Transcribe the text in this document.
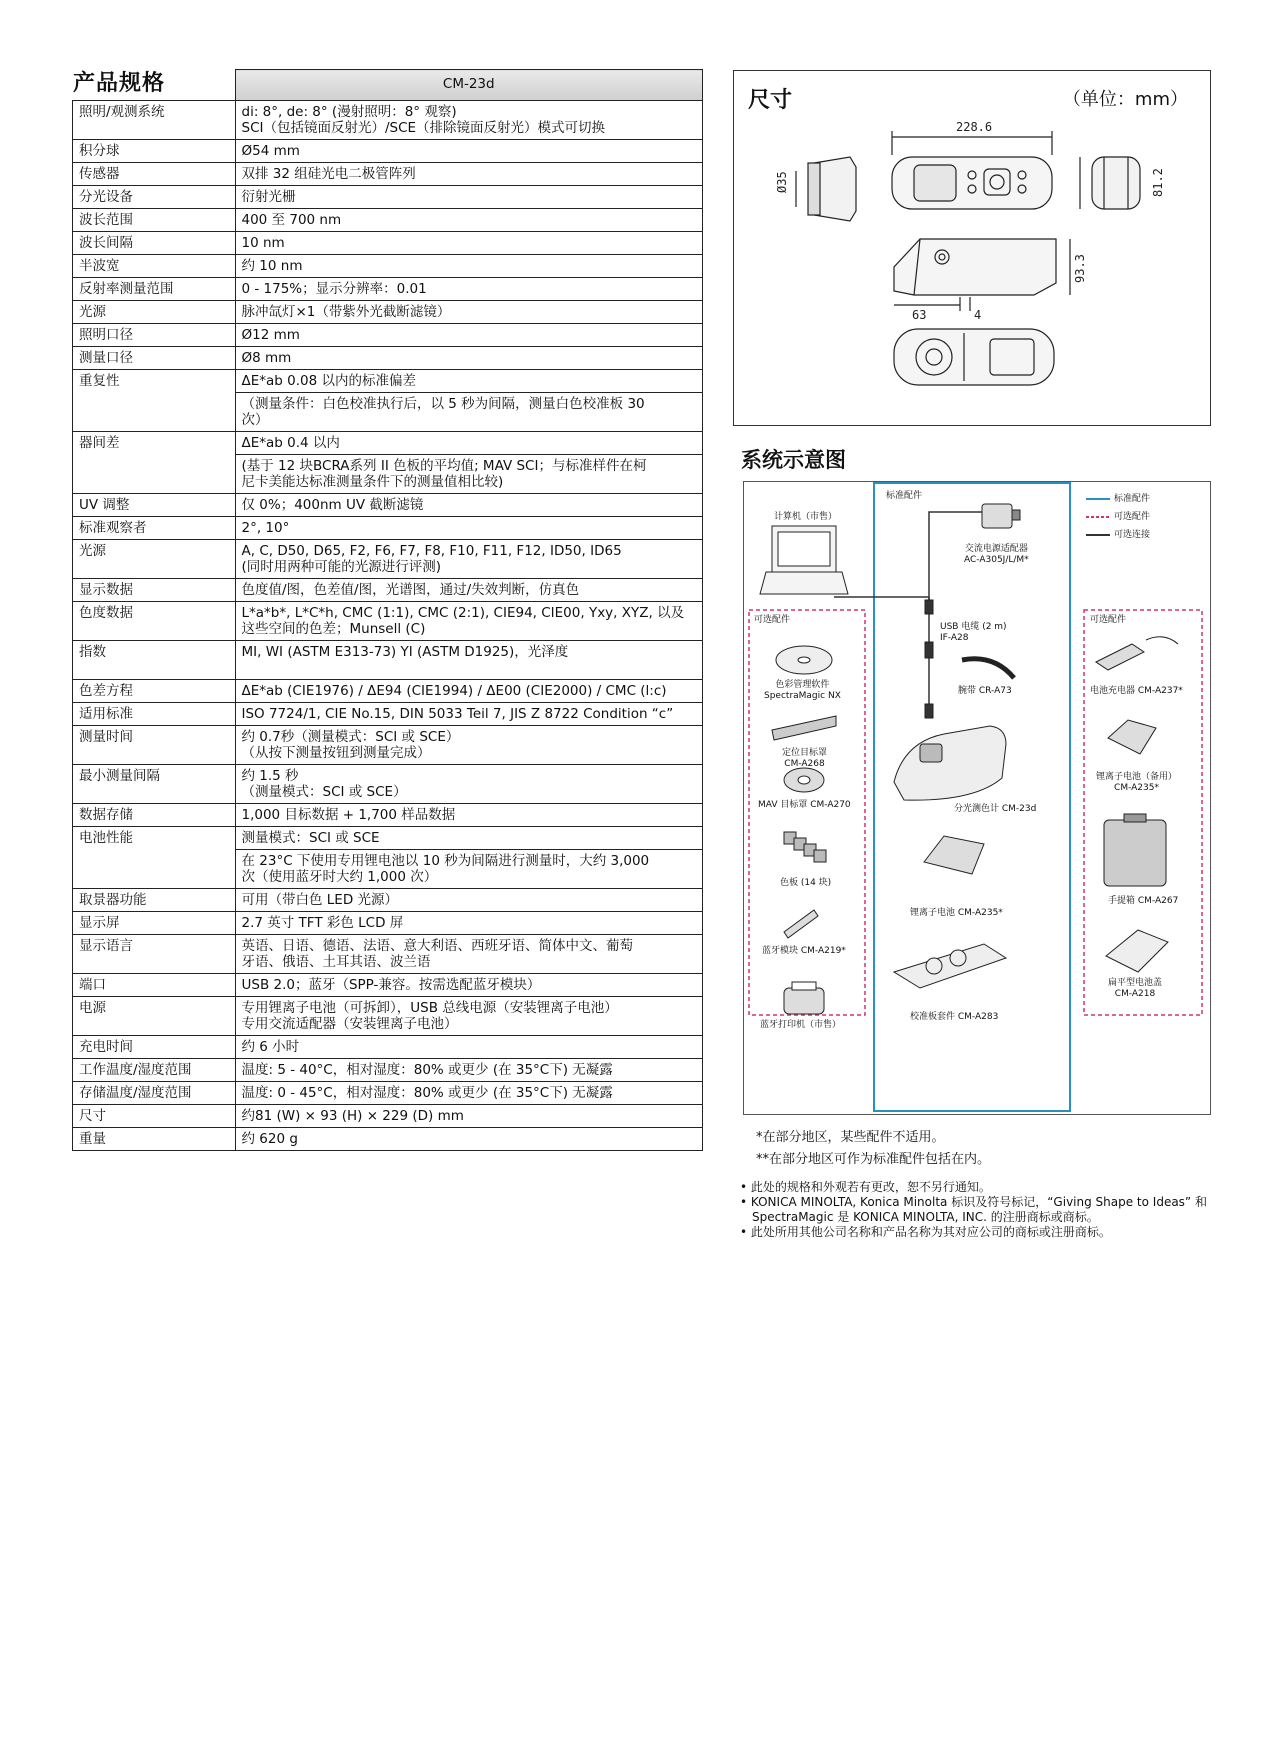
产品规格
		CM-23d
照明/观测系统	di: 8°, de: 8° (漫射照明：8° 观察)
SCI（包括镜面反射光）/SCE（排除镜面反射光）模式可切换

积分球	Ø54 mm

传感器	双排 32 组硅光电二极管阵列

分光设备	衍射光栅

波长范围	400 至 700 nm

波长间隔	10 nm

半波宽	约 10 nm

反射率测量范围	0 - 175%；显示分辨率：0.01

光源	脉冲氙灯×1（带紫外光截断滤镜）

照明口径	Ø12 mm

测量口径	Ø8 mm

重复性	ΔE*ab 0.08 以内的标准偏差

	（测量条件：白色校准执行后，以 5 秒为间隔，测量白色校准板 30
次）

器间差	ΔE*ab 0.4 以内

	(基于 12 块BCRA系列 II 色板的平均值; MAV SCI；与标准样件在柯
尼卡美能达标准测量条件下的测量值相比较)

UV 调整	仅 0%；400nm UV 截断滤镜

标准观察者	2°, 10°

光源	A, C, D50, D65, F2, F6, F7, F8, F10, F11, F12, ID50, ID65
(同时用两种可能的光源进行评测)

显示数据	色度值/图，色差值/图，光谱图，通过/失效判断，仿真色

色度数据	L*a*b*, L*C*h, CMC (1:1), CMC (2:1), CIE94, CIE00, Yxy, XYZ, 以及
这些空间的色差；Munsell (C)

指数	MI, WI (ASTM E313-73) YI (ASTM D1925)，光泽度

色差方程	ΔE*ab (CIE1976) / ΔE94 (CIE1994) / ΔE00 (CIE2000) / CMC (l:c)

适用标准	ISO 7724/1, CIE No.15, DIN 5033 Teil 7, JIS Z 8722 Condition “c”

测量时间	约 0.7秒（测量模式：SCI 或 SCE）
（从按下测量按钮到测量完成）

最小测量间隔	约 1.5 秒
（测量模式：SCI 或 SCE）

数据存储	1,000 目标数据 + 1,700 样品数据

电池性能	测量模式：SCI 或 SCE

	在 23°C 下使用专用锂电池以 10 秒为间隔进行测量时，大约 3,000
次（使用蓝牙时大约 1,000 次）

取景器功能	可用（带白色 LED 光源）

显示屏	2.7 英寸 TFT 彩色 LCD 屏

显示语言	英语、日语、德语、法语、意大利语、西班牙语、简体中文、葡萄
牙语、俄语、土耳其语、波兰语

端口	USB 2.0；蓝牙（SPP-兼容。按需选配蓝牙模块）

电源	专用锂离子电池（可拆卸），USB 总线电源（安装锂离子电池）
专用交流适配器（安装锂离子电池）

充电时间	约 6 小时

工作温度/湿度范围	温度: 5 - 40°C，相对湿度：80% 或更少 (在 35°C下) 无凝露

存储温度/湿度范围	温度: 0 - 45°C，相对湿度：80% 或更少 (在 35°C下) 无凝露

尺寸	约81 (W) × 93 (H) × 229 (D) mm

重量	约 620 g
尺寸	（单位：mm）
228.6
Ø35	81.2
93.3
63	4
系统示意图
标准配件
可选配件	可选配件
标准配件
可选配件
可选连接
计算机（市售）
交流电源适配器
AC-A305J/L/M*
USB 电缆 (2 m)
IF-A28
色彩管理软件
SpectraMagic NX
定位目标罩
CM-A268
MAV 目标罩 CM-A270
色板 (14 块)
蓝牙模块 CM-A219*
蓝牙打印机（市售）
腕带 CR-A73
分光测色计 CM-23d
锂离子电池 CM-A235*
校准板套件 CM-A283
电池充电器 CM-A237*
锂离子电池（备用）
CM-A235*
手提箱 CM-A267
扁平型电池盖
CM-A218
*在部分地区，某些配件不适用。
**在部分地区可作为标准配件包括在内。
• 此处的规格和外观若有更改，恕不另行通知。
• KONICA MINOLTA, Konica Minolta 标识及符号标记，“Giving Shape to Ideas” 和 SpectraMagic 是 KONICA MINOLTA, INC. 的注册商标或商标。
• 此处所用其他公司名称和产品名称为其对应公司的商标或注册商标。
